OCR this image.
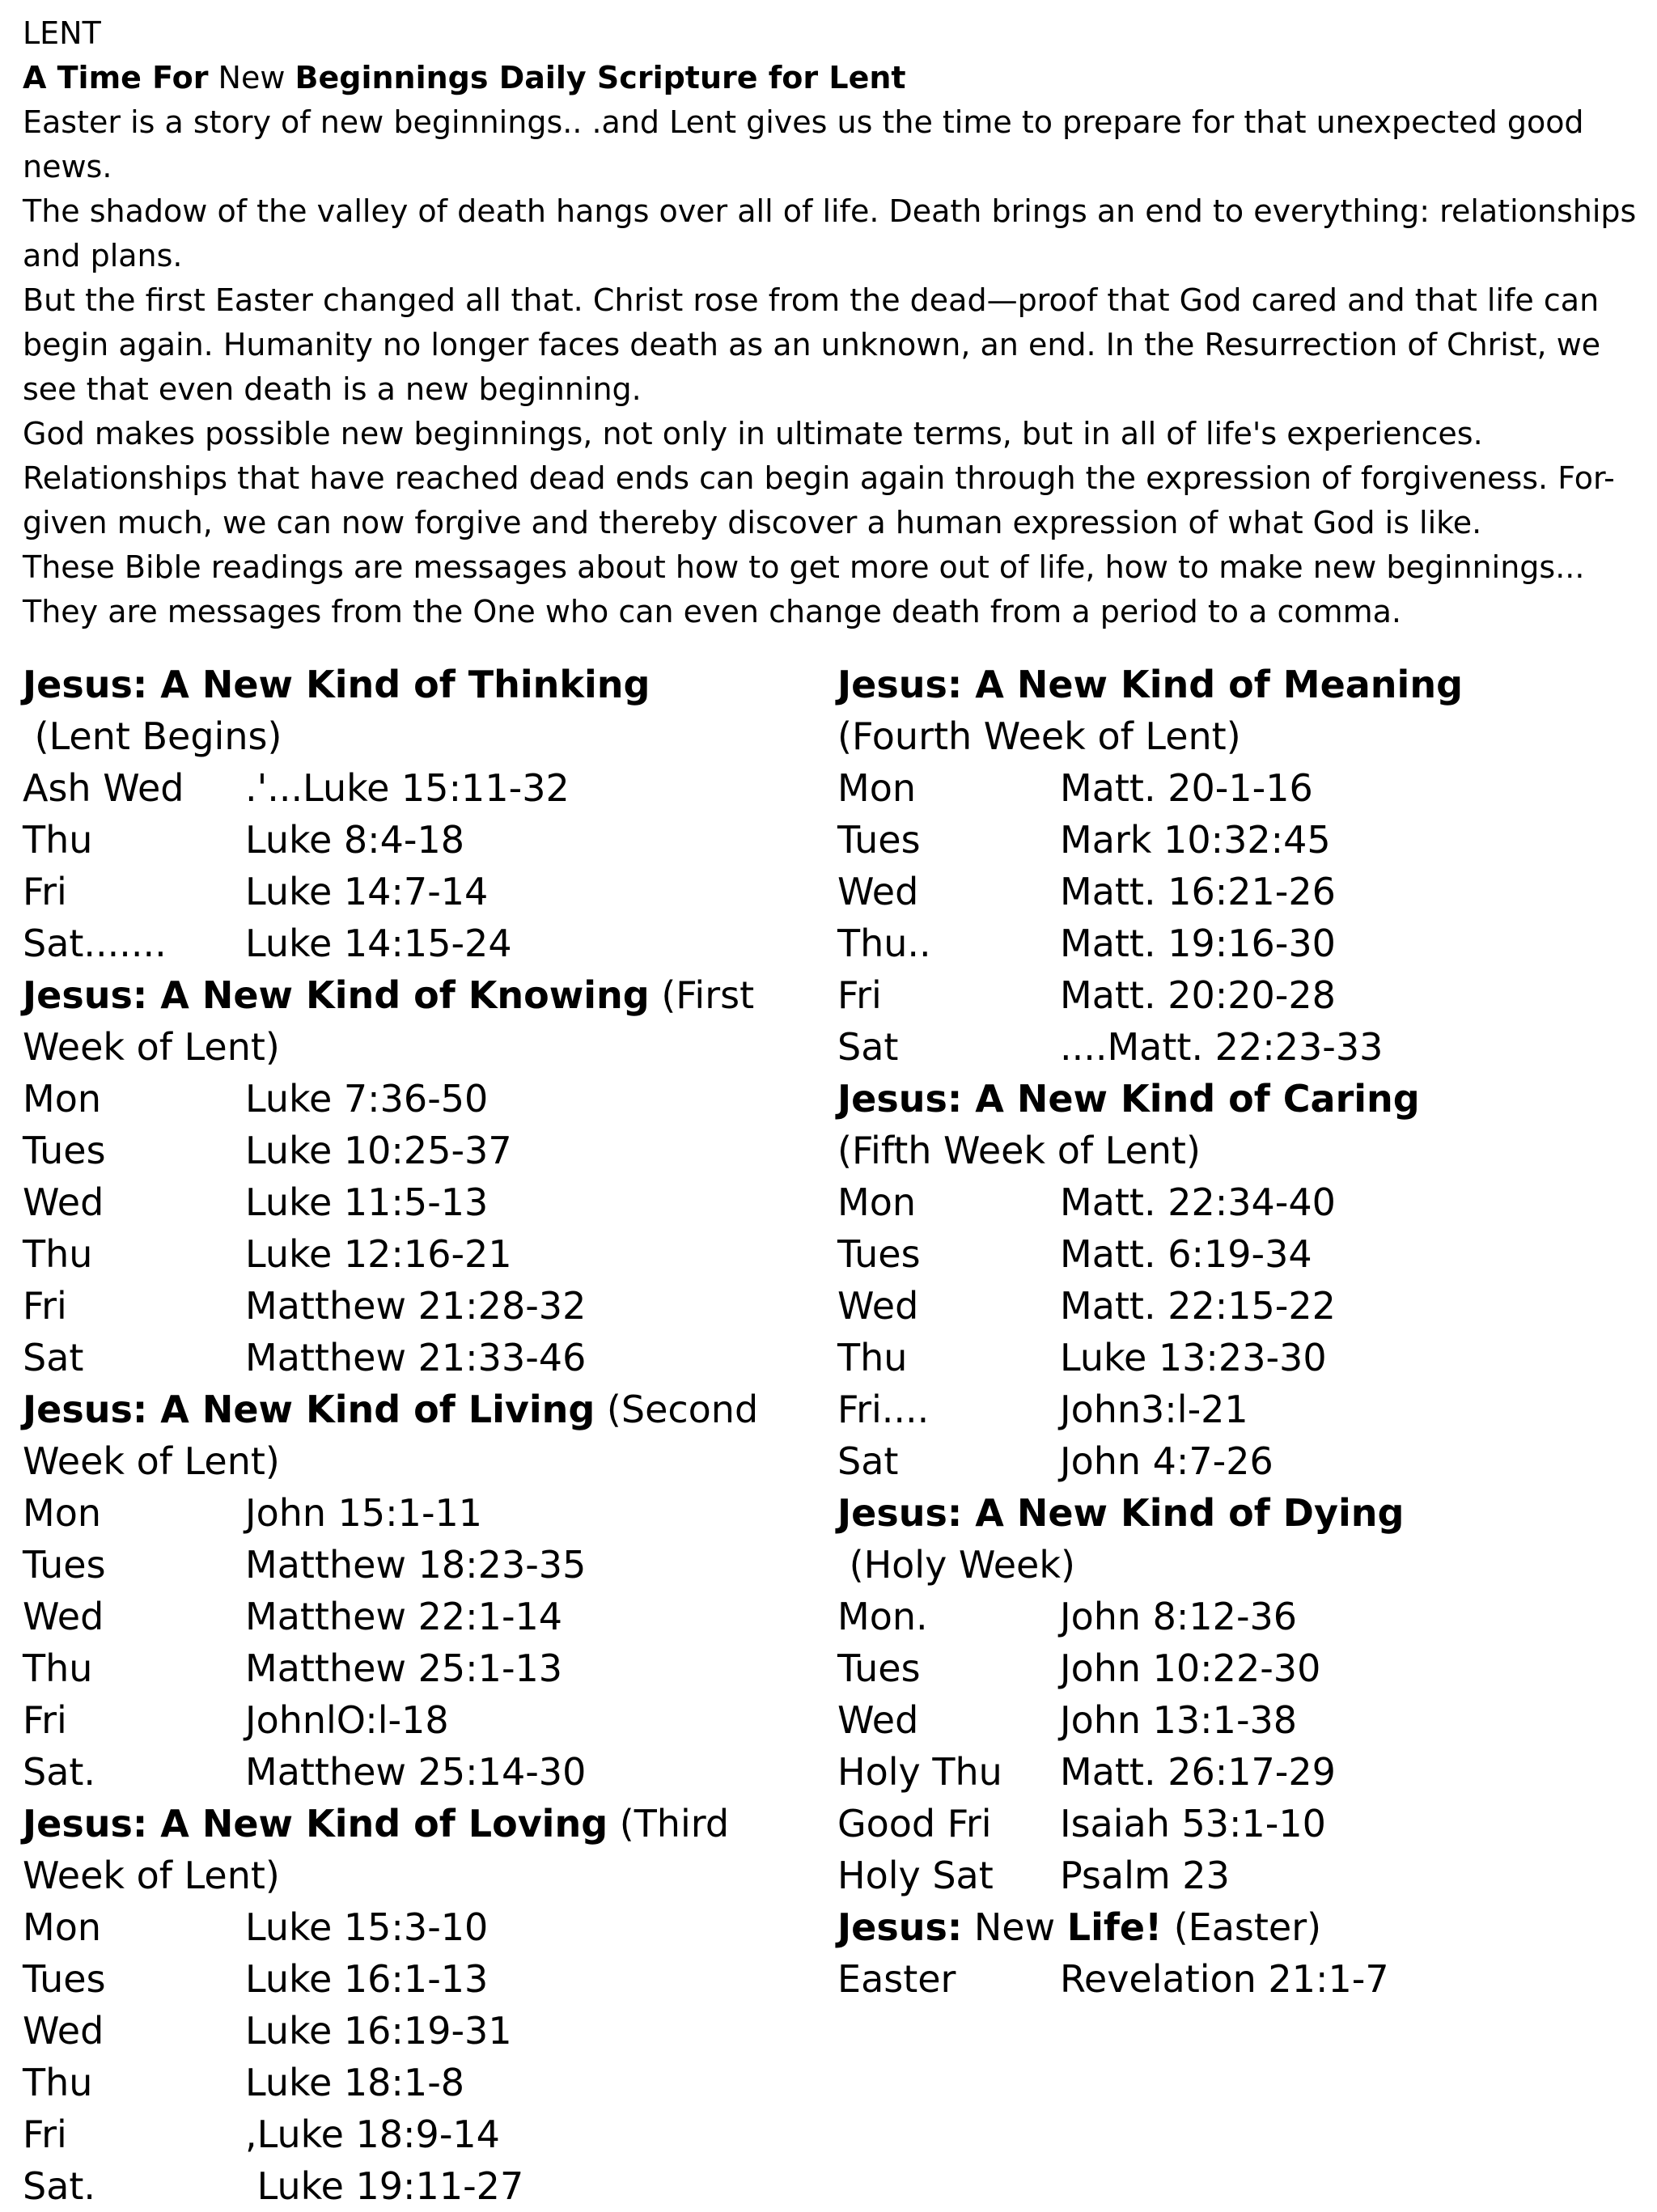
LENT

A Time For New Beginnings Daily Scripture for Lent

Easter is a story of new beginnings.. .and Lent gives us the time to prepare for that unexpected good news.

The shadow of the valley of death hangs over all of life. Death brings an end to everything: relationships and plans.

But the first Easter changed all that. Christ rose from the dead—proof that God cared and that life can begin again. Humanity no longer faces death as an unknown, an end. In the Resurrection of Christ, we see that even death is a new beginning.

God makes possible new beginnings, not only in ultimate terms, but in all of life's experiences. Relationships that have reached dead ends can begin again through the expression of forgiveness. For-given much, we can now forgive and thereby discover a human expression of what God is like.

These Bible readings are messages about how to get more out of life, how to make new beginnings... They are messages from the One who can even change death from a period to a comma.

Jesus: A New Kind of Thinking (Lent Begins)

Ash Wed	.'...Luke 15:11-32
Thu	Luke 8:4-18
Fri	Luke 14:7-14
Sat.......	Luke 14:15-24

Jesus: A New Kind of Knowing (First Week of Lent)

Mon	Luke 7:36-50
Tues	Luke 10:25-37
Wed	Luke 11:5-13
Thu	Luke 12:16-21
Fri	Matthew 21:28-32
Sat	Matthew 21:33-46

Jesus: A New Kind of Living (Second Week of Lent)

Mon	John 15:1-11
Tues	Matthew 18:23-35
Wed	Matthew 22:1-14
Thu	Matthew 25:1-13
Fri	JohnlO:l-18
Sat.	Matthew 25:14-30

Jesus: A New Kind of Loving (Third Week of Lent)

Mon	Luke 15:3-10
Tues	Luke 16:1-13
Wed	Luke 16:19-31
Thu	Luke 18:1-8
Fri	,Luke 18:9-14
Sat.	Luke 19:11-27

Jesus: A New Kind of Meaning

(Fourth Week of Lent)

Mon	Matt. 20-1-16
Tues	Mark 10:32:45
Wed	Matt. 16:21-26
Thu..	Matt. 19:16-30
Fri	Matt. 20:20-28
Sat	....Matt. 22:23-33

Jesus: A New Kind of Caring

(Fifth Week of Lent)

Mon	Matt. 22:34-40
Tues	Matt. 6:19-34
Wed	Matt. 22:15-22
Thu	Luke 13:23-30
Fri....	John3:l-21
Sat	John 4:7-26

Jesus: A New Kind of Dying (Holy Week)

Mon.	John 8:12-36
Tues	John 10:22-30
Wed	John 13:1-38
Holy Thu	Matt. 26:17-29
Good Fri	Isaiah 53:1-10
Holy Sat	Psalm 23

Jesus: New Life! (Easter)

Easter	Revelation 21:1-7
